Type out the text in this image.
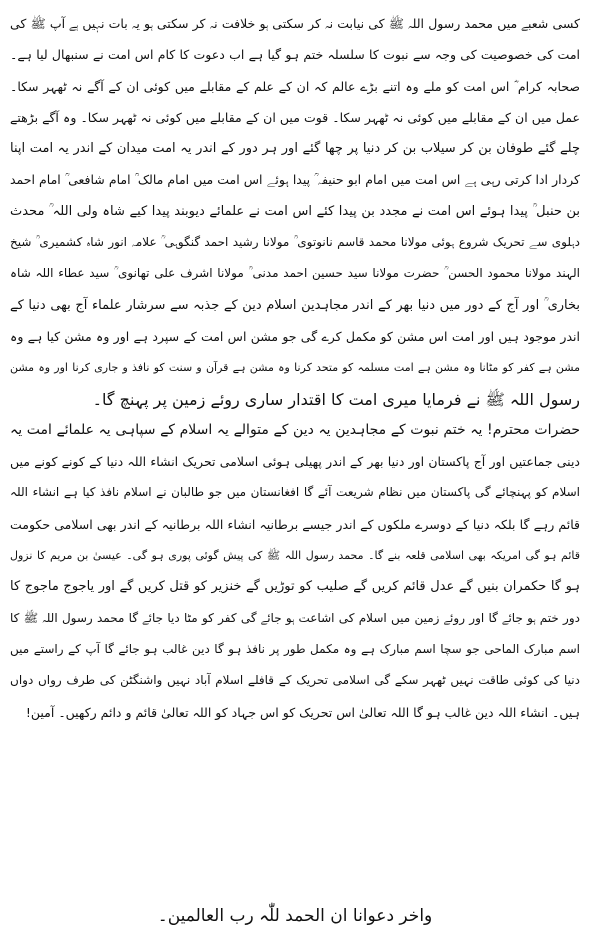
کسی شعبے میں محمد رسول اللہ ﷺ کی نیابت نہ کر سکتی ہو خلافت نہ کر سکتی ہو یہ بات نہیں ہے آپ ﷺ کی
امت کی خصوصیت کی وجہ سے نبوت کا سلسلہ ختم ہو گیا ہے اب دعوت کا کام اس امت نے سنبھال لیا ہے۔
صحابہ کرام ؓ اس امت کو ملے وہ اتنے بڑے عالم کہ ان کے علم کے مقابلے میں کوئی ان کے آگے نہ ٹھہر سکا۔
عمل میں ان کے مقابلے میں کوئی نہ ٹھہر سکا۔ قوت میں ان کے مقابلے میں کوئی نہ ٹھہر سکا۔ وہ آگے بڑھتے
چلے گئے طوفان بن کر سیلاب بن کر دنیا پر چھا گئے اور ہر دور کے اندر یہ امت میدان کے اندر یہ امت اپنا
کردار ادا کرتی رہی ہے اس امت میں امام ابو حنیفہ ؒ پیدا ہوئے اس امت میں امام مالک ؒ امام شافعی ؒ امام احمد
بن حنبل ؒ پیدا ہوئے اس امت نے مجدد بن پیدا کئے اس امت نے علمائے دیوبند پیدا کیے شاہ ولی اللہ ؒ محدث
دہلوی سے تحریک شروع ہوئی مولانا محمد قاسم نانوتوی ؒ مولانا رشید احمد گنگوہی ؒ علامہ انور شاہ کشمیری ؒ شیخ
الہند مولانا محمود الحسن ؒ حضرت مولانا سید حسین احمد مدنی ؒ مولانا اشرف علی تھانوی ؒ سید عطاء اللہ شاہ
بخاری ؒ اور آج کے دور میں دنیا بھر کے اندر مجاہدین اسلام دین کے جذبہ سے سرشار علماء آج بھی دنیا کے
اندر موجود ہیں اور امت اس مشن کو مکمل کرے گی جو مشن اس امت کے سپرد ہے اور وہ مشن کیا ہے وہ
مشن ہے کفر کو مٹانا وہ مشن ہے امت مسلمہ کو متحد کرنا وہ مشن ہے قرآن و سنت کو نافذ و جاری کرنا اور وہ مشن
رسول اللہ ﷺ نے فرمایا میری امت کا اقتدار ساری روئے زمین پر پہنچ گا۔
حضرات محترم! یہ ختم نبوت کے مجاہدین یہ دین کے متوالے یہ اسلام کے سپاہی یہ علمائے امت یہ
دینی جماعتیں اور آج پاکستان اور دنیا بھر کے اندر پھیلی ہوئی اسلامی تحریک انشاء اللہ دنیا کے کونے کونے میں
اسلام کو پہنچائے گی پاکستان میں نظام شریعت آئے گا افغانستان میں جو طالبان نے اسلام نافذ کیا ہے انشاء اللہ
قائم رہے گا بلکہ دنیا کے دوسرے ملکوں کے اندر جیسے برطانیہ انشاء اللہ برطانیہ کے اندر بھی اسلامی حکومت
قائم ہو گی امریکہ بھی اسلامی قلعہ بنے گا۔ محمد رسول اللہ ﷺ کی پیش گوئی پوری ہو گی۔ عیسیٰ بن مریم کا نزول
ہو گا حکمران بنیں گے عدل قائم کریں گے صلیب کو توڑیں گے خنزیر کو قتل کریں گے اور یاجوج ماجوج کا
دور ختم ہو جائے گا اور روئے زمین میں اسلام کی اشاعت ہو جائے گی کفر کو مٹا دیا جائے گا محمد رسول اللہ ﷺ کا
اسم مبارک الماحی جو سچا اسم مبارک ہے وہ مکمل طور پر نافذ ہو گا دین غالب ہو جائے گا آپ کے راستے میں
دنیا کی کوئی طاقت نہیں ٹھہر سکے گی اسلامی تحریک کے قافلے اسلام آباد نہیں واشنگٹن کی طرف رواں دواں
ہیں۔ انشاء اللہ دین غالب ہو گا اللہ تعالیٰ اس تحریک کو اس جہاد کو اللہ تعالیٰ قائم و دائم رکھیں۔ آمین!
واخر دعوانا ان الحمد للّٰہ رب العالمین۔
